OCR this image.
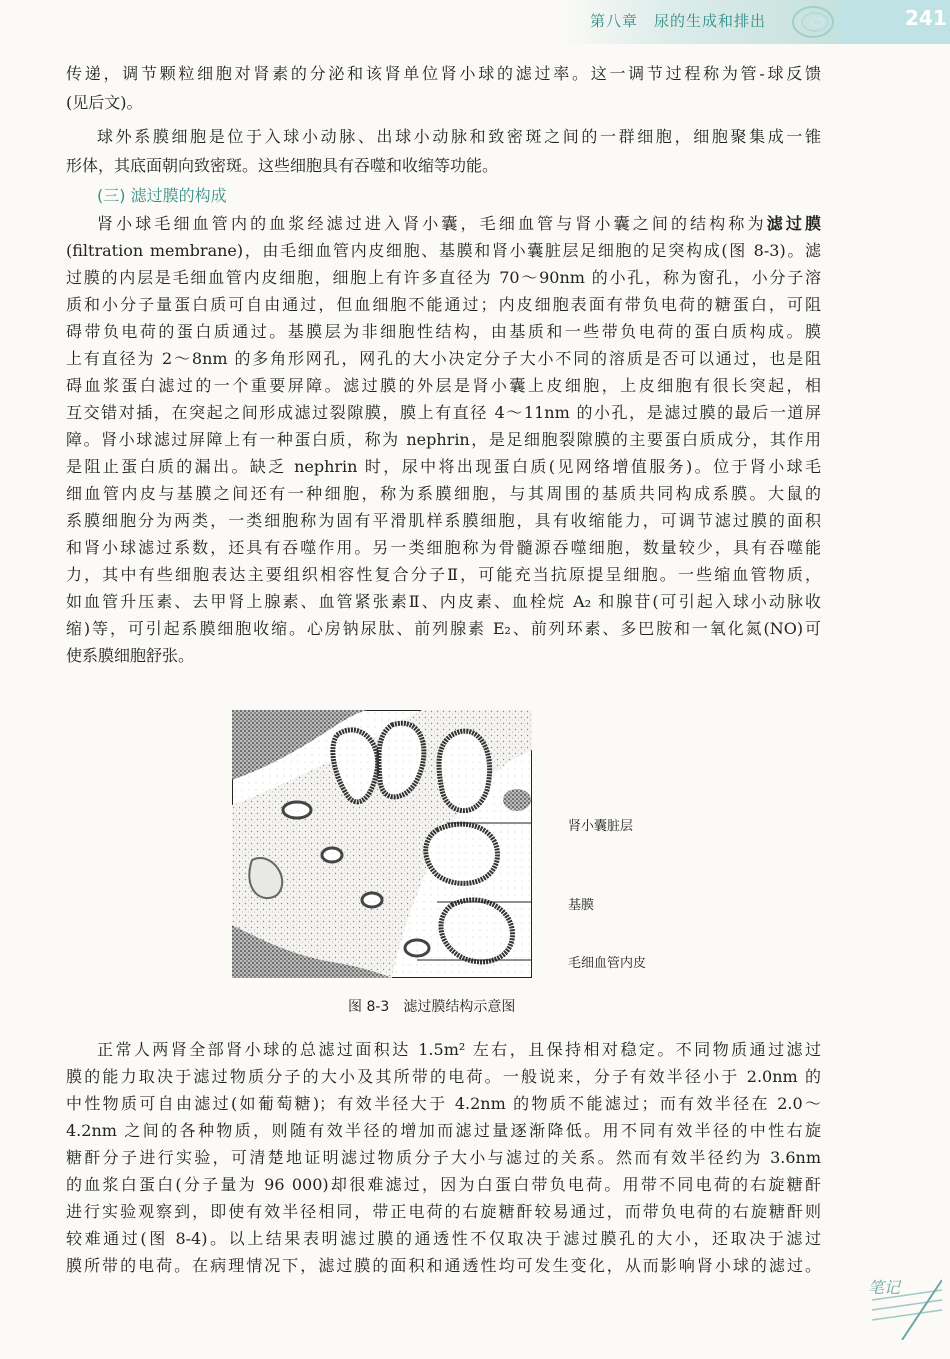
第八章　尿的生成和排出	241
传递，调节颗粒细胞对肾素的分泌和该肾单位肾小球的滤过率。这一调节过程称为管-球反馈
(见后文)。
球外系膜细胞是位于入球小动脉、出球小动脉和致密斑之间的一群细胞，细胞聚集成一锥
形体，其底面朝向致密斑。这些细胞具有吞噬和收缩等功能。
(三) 滤过膜的构成
肾小球毛细血管内的血浆经滤过进入肾小囊，毛细血管与肾小囊之间的结构称为滤过膜
(filtration membrane)，由毛细血管内皮细胞、基膜和肾小囊脏层足细胞的足突构成(图 8-3)。滤
过膜的内层是毛细血管内皮细胞，细胞上有许多直径为 70～90nm 的小孔，称为窗孔，小分子溶
质和小分子量蛋白质可自由通过，但血细胞不能通过；内皮细胞表面有带负电荷的糖蛋白，可阻
碍带负电荷的蛋白质通过。基膜层为非细胞性结构，由基质和一些带负电荷的蛋白质构成。膜
上有直径为 2～8nm 的多角形网孔，网孔的大小决定分子大小不同的溶质是否可以通过，也是阻
碍血浆蛋白滤过的一个重要屏障。滤过膜的外层是肾小囊上皮细胞，上皮细胞有很长突起，相
互交错对插，在突起之间形成滤过裂隙膜，膜上有直径 4～11nm 的小孔，是滤过膜的最后一道屏
障。肾小球滤过屏障上有一种蛋白质，称为 nephrin，是足细胞裂隙膜的主要蛋白质成分，其作用
是阻止蛋白质的漏出。缺乏 nephrin 时，尿中将出现蛋白质(见网络增值服务)。位于肾小球毛
细血管内皮与基膜之间还有一种细胞，称为系膜细胞，与其周围的基质共同构成系膜。大鼠的
系膜细胞分为两类，一类细胞称为固有平滑肌样系膜细胞，具有收缩能力，可调节滤过膜的面积
和肾小球滤过系数，还具有吞噬作用。另一类细胞称为骨髓源吞噬细胞，数量较少，具有吞噬能
力，其中有些细胞表达主要组织相容性复合分子Ⅱ，可能充当抗原提呈细胞。一些缩血管物质，
如血管升压素、去甲肾上腺素、血管紧张素Ⅱ、内皮素、血栓烷 A₂ 和腺苷(可引起入球小动脉收
缩)等，可引起系膜细胞收缩。心房钠尿肽、前列腺素 E₂、前列环素、多巴胺和一氧化氮(NO)可
使系膜细胞舒张。
肾小囊脏层
基膜
毛细血管内皮
图 8-3　滤过膜结构示意图
正常人两肾全部肾小球的总滤过面积达 1.5m² 左右，且保持相对稳定。不同物质通过滤过
膜的能力取决于滤过物质分子的大小及其所带的电荷。一般说来，分子有效半径小于 2.0nm 的
中性物质可自由滤过(如葡萄糖)；有效半径大于 4.2nm 的物质不能滤过；而有效半径在 2.0～
4.2nm 之间的各种物质，则随有效半径的增加而滤过量逐渐降低。用不同有效半径的中性右旋
糖酐分子进行实验，可清楚地证明滤过物质分子大小与滤过的关系。然而有效半径约为 3.6nm
的血浆白蛋白(分子量为 96 000)却很难滤过，因为白蛋白带负电荷。用带不同电荷的右旋糖酐
进行实验观察到，即使有效半径相同，带正电荷的右旋糖酐较易通过，而带负电荷的右旋糖酐则
较难通过(图 8-4)。以上结果表明滤过膜的通透性不仅取决于滤过膜孔的大小，还取决于滤过
膜所带的电荷。在病理情况下，滤过膜的面积和通透性均可发生变化，从而影响肾小球的滤过。
笔记
